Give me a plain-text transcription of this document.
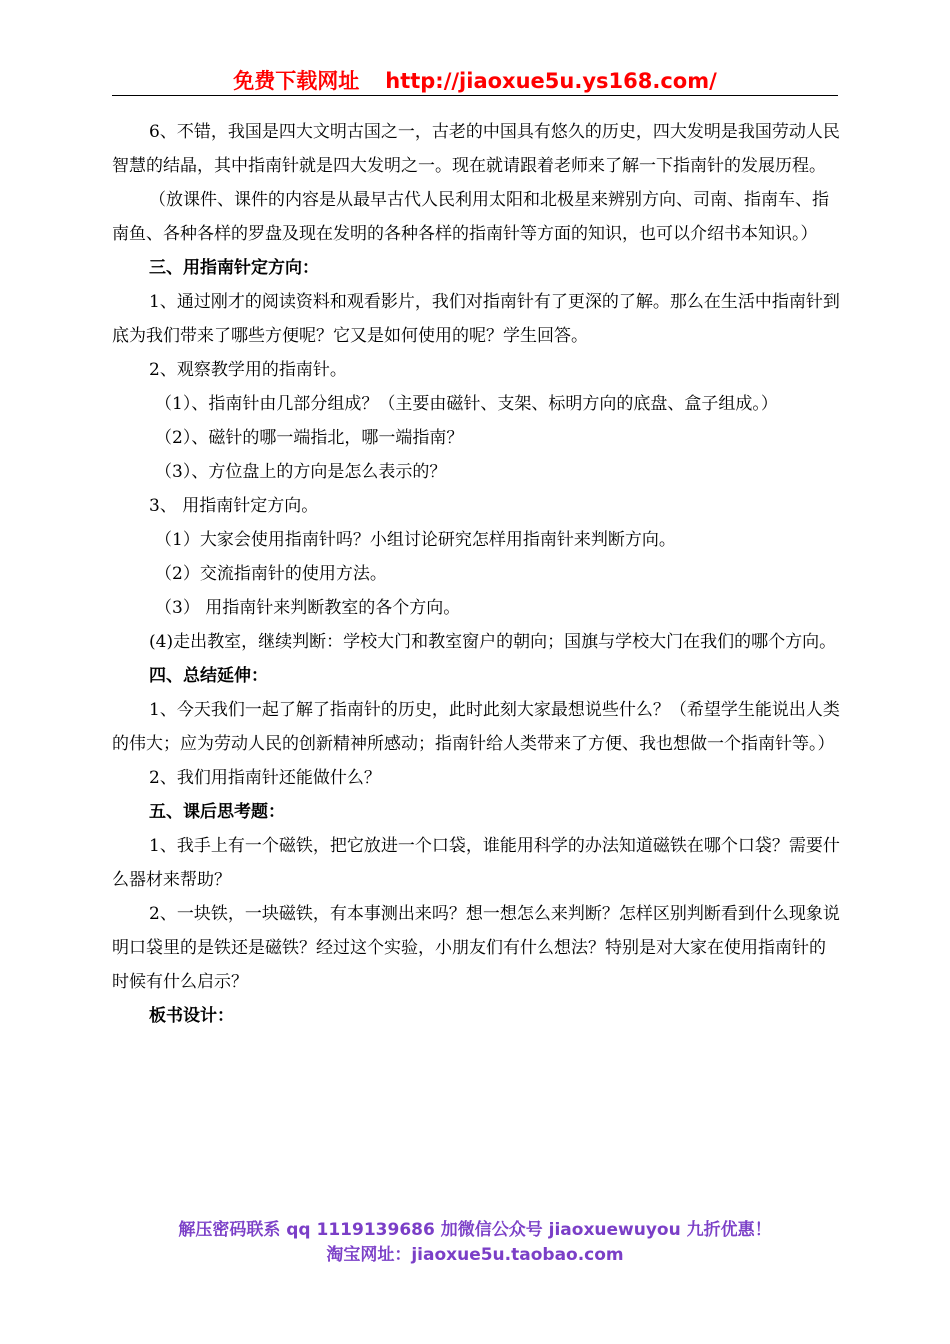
免费下载网址 http://jiaoxue5u.ys168.com/

6、不错，我国是四大文明古国之一，古老的中国具有悠久的历史，四大发明是我国劳动人民智慧的结晶，其中指南针就是四大发明之一。现在就请跟着老师来了解一下指南针的发展历程。

（放课件、课件的内容是从最早古代人民利用太阳和北极星来辨别方向、司南、指南车、指南鱼、各种各样的罗盘及现在发明的各种各样的指南针等方面的知识，也可以介绍书本知识。）

三、用指南针定方向：

1、通过刚才的阅读资料和观看影片，我们对指南针有了更深的了解。那么在生活中指南针到底为我们带来了哪些方便呢？它又是如何使用的呢？学生回答。

2、观察教学用的指南针。

（1）、指南针由几部分组成？（主要由磁针、支架、标明方向的底盘、盒子组成。）

（2）、磁针的哪一端指北，哪一端指南？

（3）、方位盘上的方向是怎么表示的？

3、 用指南针定方向。

（1）大家会使用指南针吗？小组讨论研究怎样用指南针来判断方向。

（2）交流指南针的使用方法。

（3） 用指南针来判断教室的各个方向。

(4)走出教室，继续判断：学校大门和教室窗户的朝向；国旗与学校大门在我们的哪个方向。

四、总结延伸：

1、今天我们一起了解了指南针的历史，此时此刻大家最想说些什么？（希望学生能说出人类的伟大；应为劳动人民的创新精神所感动；指南针给人类带来了方便、我也想做一个指南针等。）

2、我们用指南针还能做什么？

五、课后思考题：

1、我手上有一个磁铁，把它放进一个口袋，谁能用科学的办法知道磁铁在哪个口袋？需要什么器材来帮助？

2、一块铁，一块磁铁，有本事测出来吗？想一想怎么来判断？怎样区别判断看到什么现象说明口袋里的是铁还是磁铁？经过这个实验，小朋友们有什么想法？特别是对大家在使用指南针的时候有什么启示？

板书设计：

解压密码联系 qq 1119139686 加微信公众号 jiaoxuewuyou 九折优惠！
淘宝网址：jiaoxue5u.taobao.com
